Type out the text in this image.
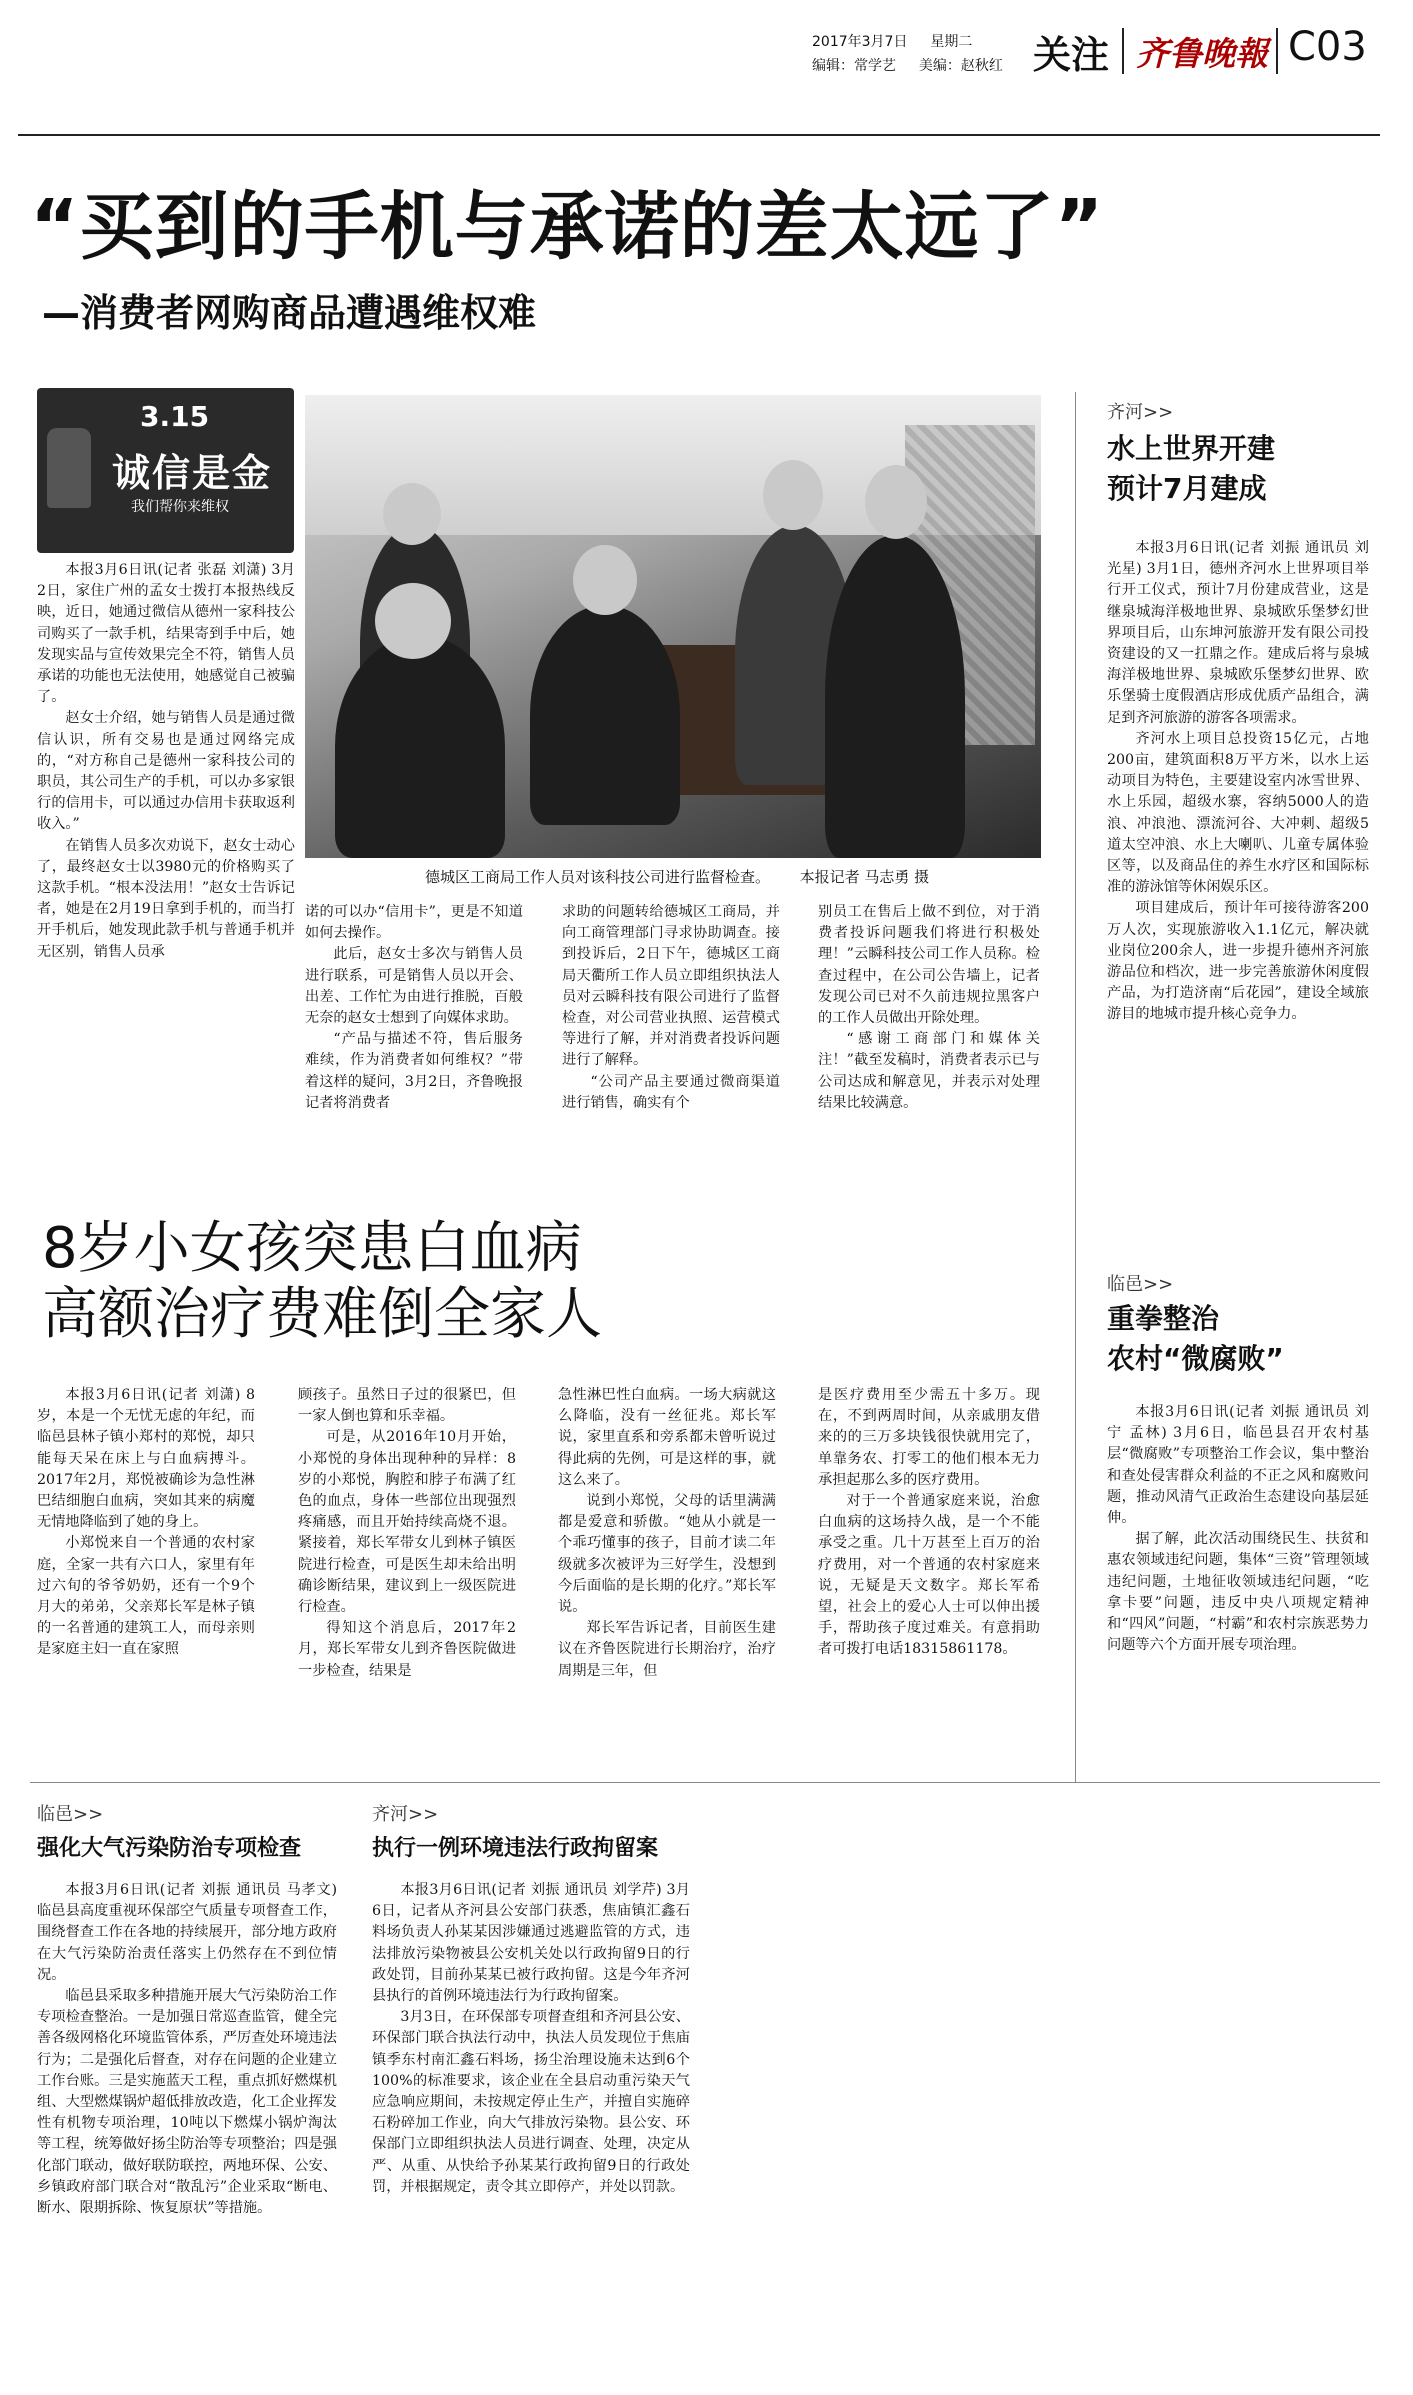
2017年3月7日 星期二
编辑：常学艺 美编：赵秋红 关注 齐鲁晚報 C03
“买到的手机与承诺的差太远了”
—消费者网购商品遭遇维权难
3.15
诚信是金
我们帮你来维权
德城区工商局工作人员对该科技公司进行监督检查。 本报记者 马志勇 摄

本报3月6日讯(记者 张磊 刘潇) 3月2日，家住广州的孟女士拨打本报热线反映，近日，她通过微信从德州一家科技公司购买了一款手机，结果寄到手中后，她发现实品与宣传效果完全不符，销售人员承诺的功能也无法使用，她感觉自己被骗了。

赵女士介绍，她与销售人员是通过微信认识，所有交易也是通过网络完成的，“对方称自己是德州一家科技公司的职员，其公司生产的手机，可以办多家银行的信用卡，可以通过办信用卡获取返利收入。”

在销售人员多次劝说下，赵女士动心了，最终赵女士以3980元的价格购买了这款手机。“根本没法用！”赵女士告诉记者，她是在2月19日拿到手机的，而当打开手机后，她发现此款手机与普通手机并无区别，销售人员承

诺的可以办“信用卡”，更是不知道如何去操作。

此后，赵女士多次与销售人员进行联系，可是销售人员以开会、出差、工作忙为由进行推脱，百般无奈的赵女士想到了向媒体求助。

“产品与描述不符，售后服务难续，作为消费者如何维权？”带着这样的疑问，3月2日，齐鲁晚报记者将消费者

求助的问题转给德城区工商局，并向工商管理部门寻求协助调查。接到投诉后，2日下午，德城区工商局天衢所工作人员立即组织执法人员对云瞬科技有限公司进行了监督检查，对公司营业执照、运营模式等进行了解，并对消费者投诉问题进行了解释。

“公司产品主要通过微商渠道进行销售，确实有个

别员工在售后上做不到位，对于消费者投诉问题我们将进行积极处理！”云瞬科技公司工作人员称。检查过程中，在公司公告墙上，记者发现公司已对不久前违规拉黑客户的工作人员做出开除处理。

“感谢工商部门和媒体关注！”截至发稿时，消费者表示已与公司达成和解意见，并表示对处理结果比较满意。

齐河>>
水上世界开建
预计7月建成

本报3月6日讯(记者 刘振 通讯员 刘光星) 3月1日，德州齐河水上世界项目举行开工仪式，预计7月份建成营业，这是继泉城海洋极地世界、泉城欧乐堡梦幻世界项目后，山东坤河旅游开发有限公司投资建设的又一扛鼎之作。建成后将与泉城海洋极地世界、泉城欧乐堡梦幻世界、欧乐堡骑士度假酒店形成优质产品组合，满足到齐河旅游的游客各项需求。

齐河水上项目总投资15亿元，占地200亩，建筑面积8万平方米，以水上运动项目为特色，主要建设室内冰雪世界、水上乐园，超级水寨，容纳5000人的造浪、冲浪池、漂流河谷、大冲刺、超级5道太空冲浪、水上大喇叭、儿童专属体验区等，以及商品住的养生水疗区和国际标准的游泳馆等休闲娱乐区。

项目建成后，预计年可接待游客200万人次，实现旅游收入1.1亿元，解决就业岗位200余人，进一步提升德州齐河旅游品位和档次，进一步完善旅游休闲度假产品，为打造济南“后花园”，建设全域旅游目的地城市提升核心竞争力。

临邑>>
重拳整治
农村“微腐败”

本报3月6日讯(记者 刘振 通讯员 刘宁 孟林) 3月6日，临邑县召开农村基层“微腐败”专项整治工作会议，集中整治和查处侵害群众利益的不正之风和腐败问题，推动风清气正政治生态建设向基层延伸。

据了解，此次活动围绕民生、扶贫和惠农领域违纪问题，集体“三资”管理领域违纪问题，土地征收领域违纪问题，“吃拿卡要”问题，违反中央八项规定精神和“四风”问题，“村霸”和农村宗族恶势力问题等六个方面开展专项治理。

8岁小女孩突患白血病
高额治疗费难倒全家人

本报3月6日讯(记者 刘潇) 8岁，本是一个无忧无虑的年纪，而临邑县林子镇小郑村的郑悦，却只能每天呆在床上与白血病搏斗。2017年2月，郑悦被确诊为急性淋巴结细胞白血病，突如其来的病魔无情地降临到了她的身上。

小郑悦来自一个普通的农村家庭，全家一共有六口人，家里有年过六旬的爷爷奶奶，还有一个9个月大的弟弟，父亲郑长军是林子镇的一名普通的建筑工人，而母亲则是家庭主妇一直在家照

顾孩子。虽然日子过的很紧巴，但一家人倒也算和乐幸福。

可是，从2016年10月开始，小郑悦的身体出现种种的异样：8岁的小郑悦，胸腔和脖子布满了红色的血点，身体一些部位出现强烈疼痛感，而且开始持续高烧不退。紧接着，郑长军带女儿到林子镇医院进行检查，可是医生却未给出明确诊断结果，建议到上一级医院进行检查。

得知这个消息后，2017年2月，郑长军带女儿到齐鲁医院做进一步检查，结果是

急性淋巴性白血病。一场大病就这么降临，没有一丝征兆。郑长军说，家里直系和旁系都未曾听说过得此病的先例，可是这样的事，就这么来了。

说到小郑悦，父母的话里满满都是爱意和骄傲。“她从小就是一个乖巧懂事的孩子，目前才读二年级就多次被评为三好学生，没想到今后面临的是长期的化疗。”郑长军说。

郑长军告诉记者，目前医生建议在齐鲁医院进行长期治疗，治疗周期是三年，但

是医疗费用至少需五十多万。现在，不到两周时间，从亲戚朋友借来的的三万多块钱很快就用完了，单靠务农、打零工的他们根本无力承担起那么多的医疗费用。

对于一个普通家庭来说，治愈白血病的这场持久战，是一个不能承受之重。几十万甚至上百万的治疗费用，对一个普通的农村家庭来说，无疑是天文数字。郑长军希望，社会上的爱心人士可以伸出援手，帮助孩子度过难关。有意捐助者可拨打电话18315861178。

临邑>>
强化大气污染防治专项检查

本报3月6日讯(记者 刘振 通讯员 马孝文) 临邑县高度重视环保部空气质量专项督查工作，围绕督查工作在各地的持续展开，部分地方政府在大气污染防治责任落实上仍然存在不到位情况。

临邑县采取多种措施开展大气污染防治工作专项检查整治。一是加强日常巡查监管，健全完善各级网格化环境监管体系，严厉查处环境违法行为；二是强化后督查，对存在问题的企业建立工作台账。三是实施蓝天工程，重点抓好燃煤机组、大型燃煤锅炉超低排放改造，化工企业挥发性有机物专项治理，10吨以下燃煤小锅炉淘汰等工程，统筹做好扬尘防治等专项整治；四是强化部门联动，做好联防联控，两地环保、公安、乡镇政府部门联合对“散乱污”企业采取“断电、断水、限期拆除、恢复原状”等措施。

齐河>>
执行一例环境违法行政拘留案

本报3月6日讯(记者 刘振 通讯员 刘学芹) 3月6日，记者从齐河县公安部门获悉，焦庙镇汇鑫石料场负责人孙某某因涉嫌通过逃避监管的方式，违法排放污染物被县公安机关处以行政拘留9日的行政处罚，目前孙某某已被行政拘留。这是今年齐河县执行的首例环境违法行为行政拘留案。

3月3日，在环保部专项督查组和齐河县公安、环保部门联合执法行动中，执法人员发现位于焦庙镇季东村南汇鑫石料场，扬尘治理设施未达到6个100%的标准要求，该企业在全县启动重污染天气应急响应期间，未按规定停止生产，并擅自实施碎石粉碎加工作业，向大气排放污染物。县公安、环保部门立即组织执法人员进行调查、处理，决定从严、从重、从快给予孙某某行政拘留9日的行政处罚，并根据规定，责令其立即停产，并处以罚款。
